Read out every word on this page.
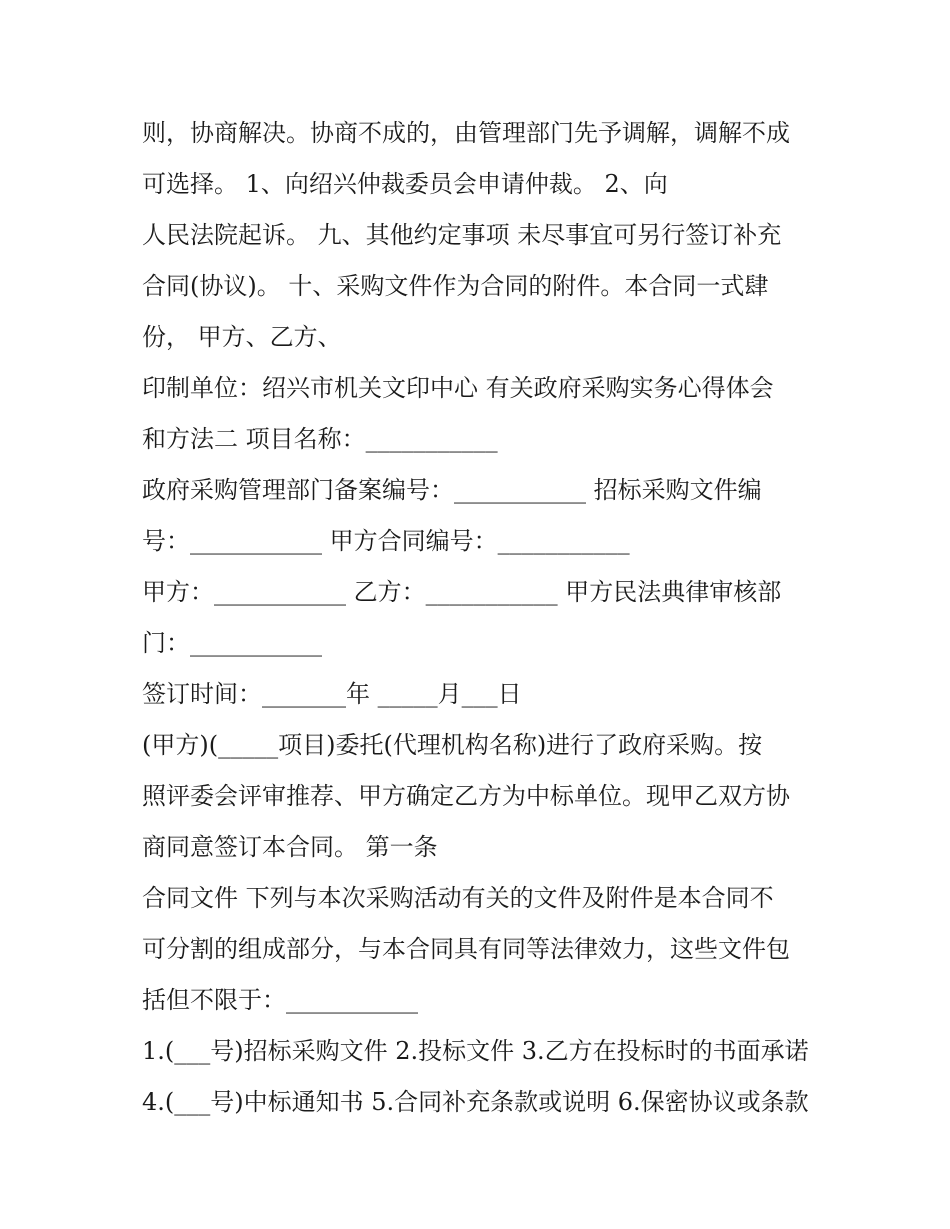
则，协商解决。协商不成的，由管理部门先予调解，调解不成
可选择。 1、向绍兴仲裁委员会申请仲裁。 2、向
人民法院起诉。 九、其他约定事项 未尽事宜可另行签订补充
合同(协议)。 十、采购文件作为合同的附件。本合同一式肆
份， 甲方、乙方、
印制单位：绍兴市机关文印中心 有关政府采购实务心得体会
和方法二 项目名称：___________
政府采购管理部门备案编号：___________ 招标采购文件编
号：___________ 甲方合同编号：___________
甲方：___________ 乙方：___________ 甲方民法典律审核部
门：___________
签订时间：_______年 _____月___日
(甲方)(_____项目)委托(代理机构名称)进行了政府采购。按
照评委会评审推荐、甲方确定乙方为中标单位。现甲乙双方协
商同意签订本合同。 第一条
合同文件 下列与本次采购活动有关的文件及附件是本合同不
可分割的组成部分，与本合同具有同等法律效力，这些文件包
括但不限于：___________
1.(___号)招标采购文件 2.投标文件 3.乙方在投标时的书面承诺
4.(___号)中标通知书 5.合同补充条款或说明 6.保密协议或条款
